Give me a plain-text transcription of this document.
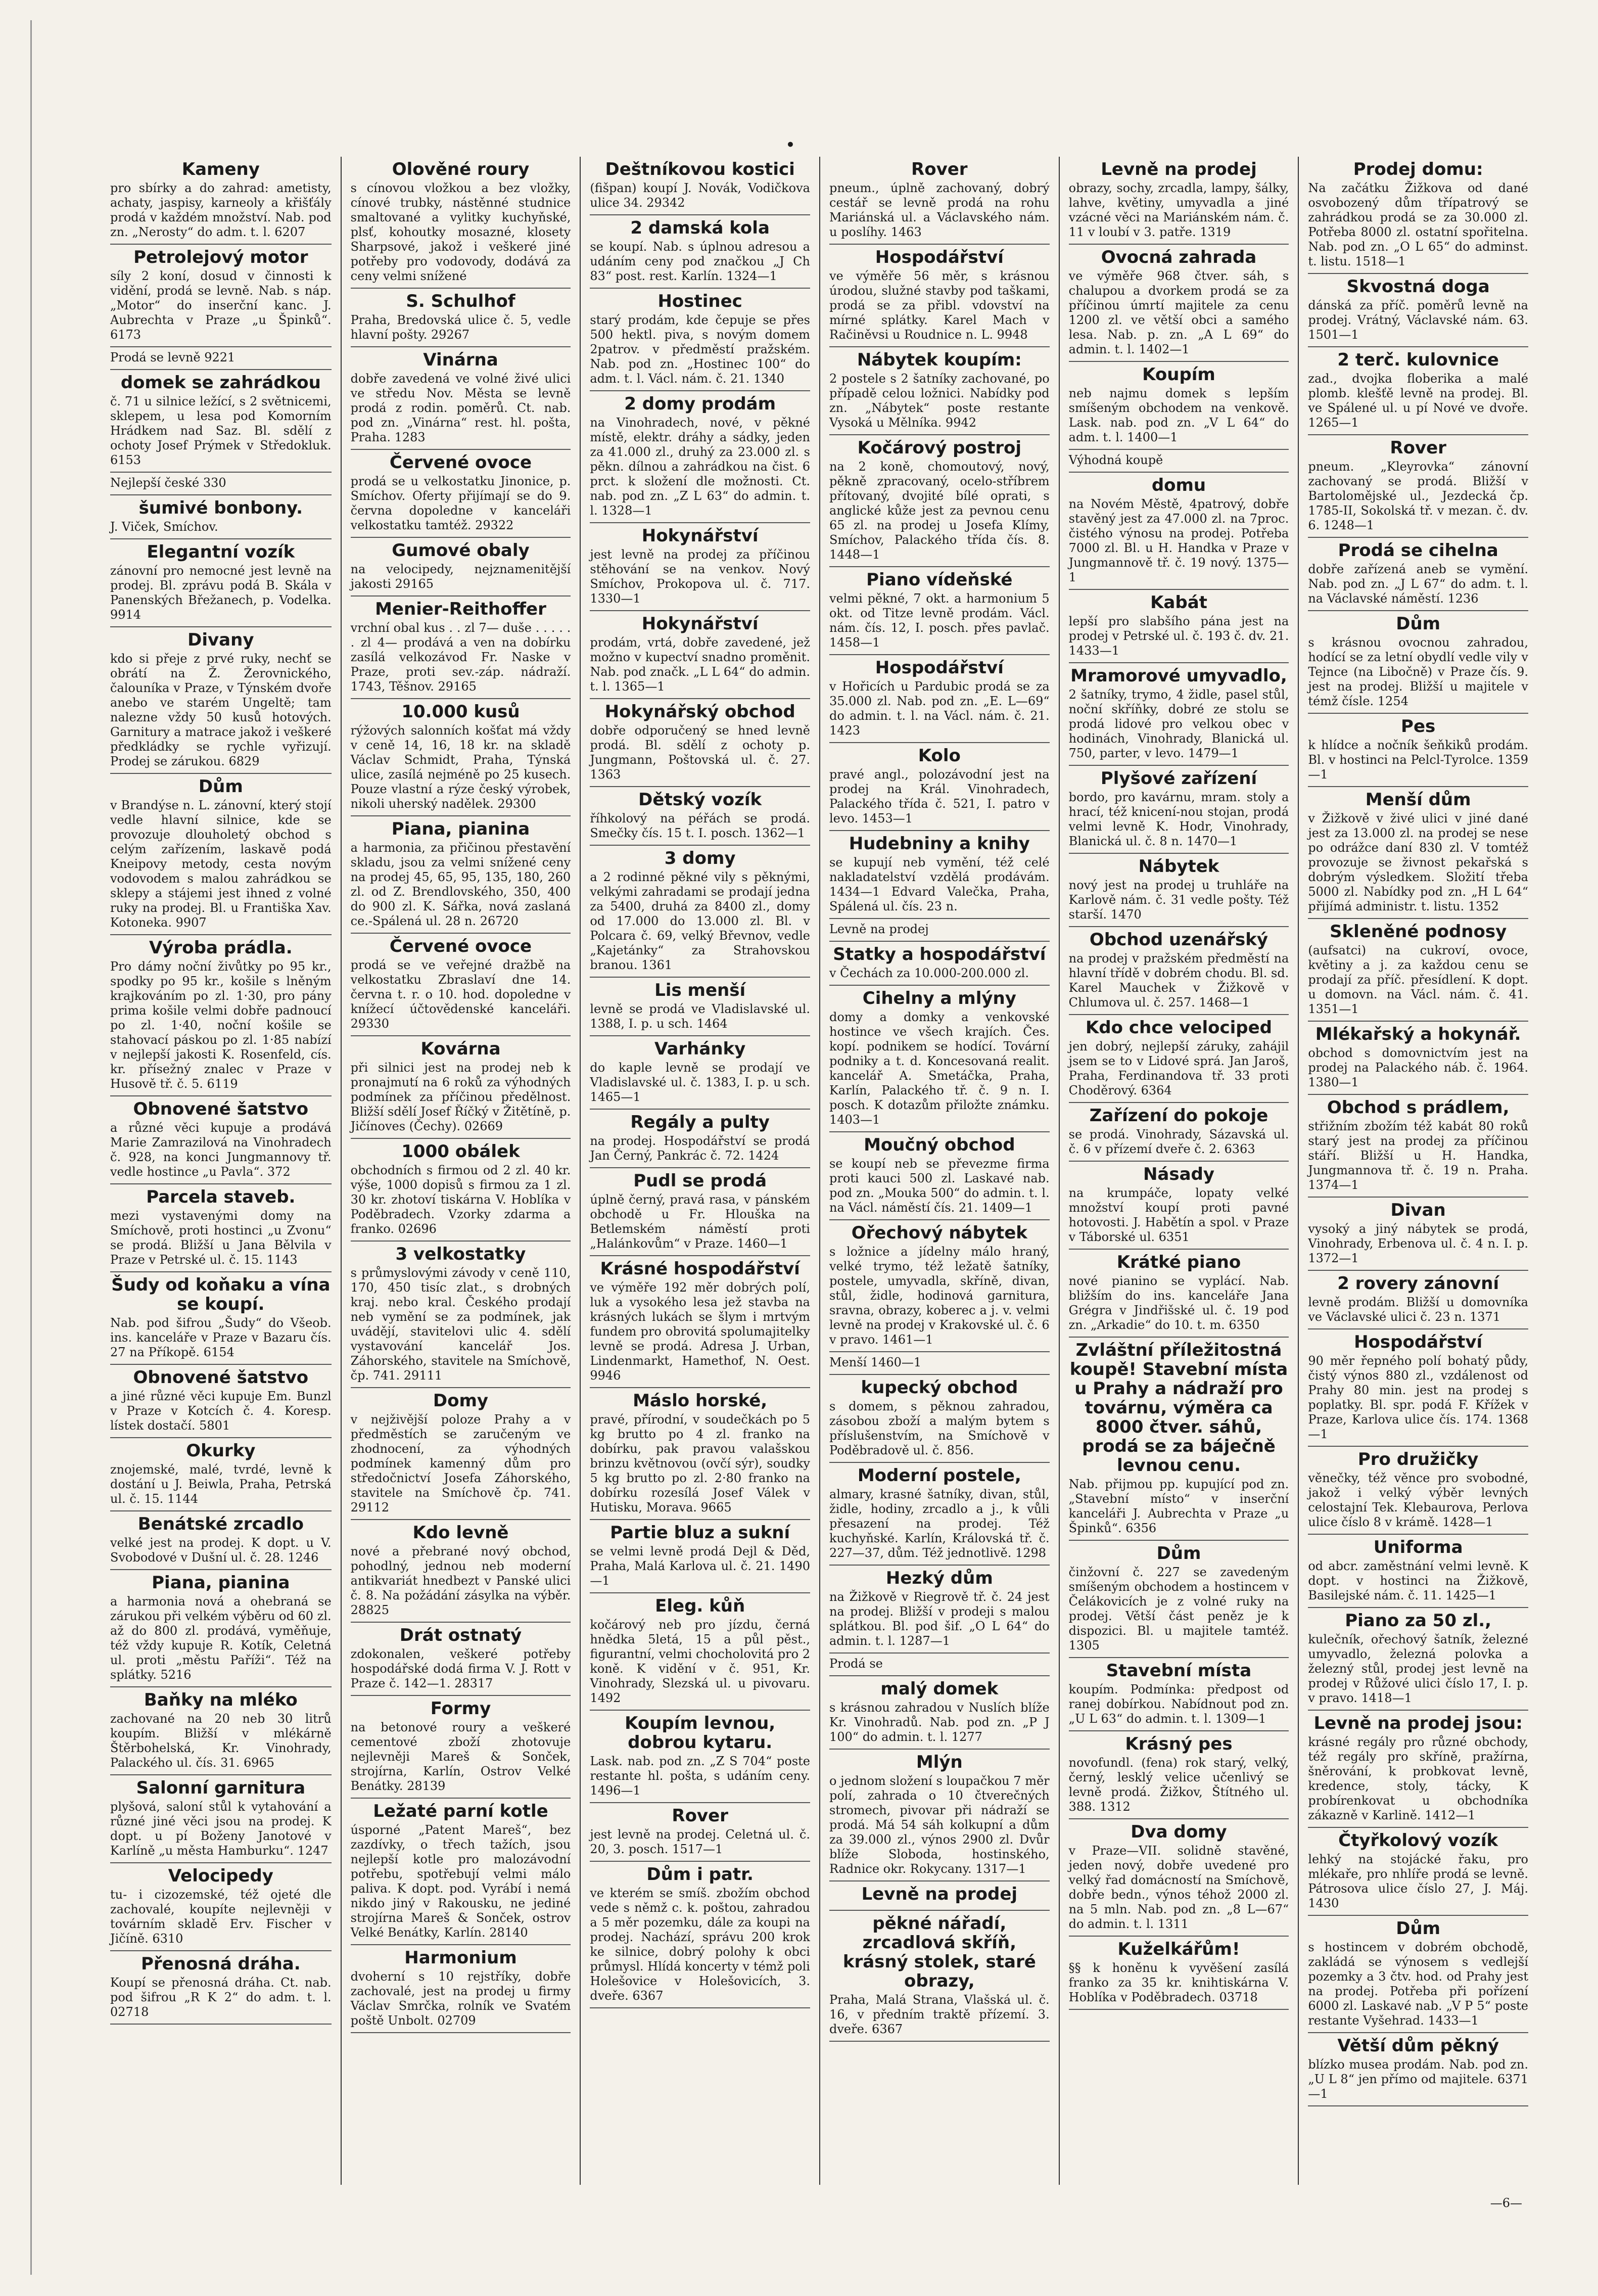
•
Kameny

pro sbírky a do zahrad: ametisty, achaty, jaspisy, karneoly a křišťály prodá v každém množství. Nab. pod zn. „Nerosty“ do adm. t. l. 6207

Petrolejový motor

síly 2 koní, dosud v činnosti k vidění, prodá se levně. Nab. s náp. „Motor“ do inserční kanc. J. Aubrechta v Praze „u Špinků“. 6173

Prodá se levně 9221

domek se zahrádkou

č. 71 u silnice ležící, s 2 světnicemi, sklepem, u lesa pod Komorním Hrádkem nad Saz. Bl. sdělí z ochoty Josef Prýmek v Středokluk. 6153

Nejlepší české 330

šumivé bonbony.

J. Viček, Smíchov.

Elegantní vozík

zánovní pro nemocné jest levně na prodej. Bl. zprávu podá B. Skála v Panenských Břežanech, p. Vodelka. 9914

Divany

kdo si přeje z prvé ruky, nechť se obrátí na Ž. Žerovnického, čalouníka v Praze, v Týnském dvoře anebo ve starém Ungeltě; tam nalezne vždy 50 kusů hotových. Garnitury a matrace jakož i veškeré předkládky se rychle vyřizují. Prodej se zárukou. 6829

Dům

v Brandýse n. L. zánovní, který stojí vedle hlavní silnice, kde se provozuje dlouholetý obchod s celým zařízením, laskavě podá Kneipovy metody, cesta novým vodovodem s malou zahrádkou se sklepy a stájemi jest ihned z volné ruky na prodej. Bl. u Františka Xav. Kotoneka. 9907

Výroba prádla.

Pro dámy noční živůtky po 95 kr., spodky po 95 kr., košile s lněným krajkováním po zl. 1·30, pro pány prima košile velmi dobře padnoucí po zl. 1·40, noční košile se stahovací páskou po zl. 1·85 nabízí v nejlepší jakosti K. Rosenfeld, cís. kr. přísežný znalec v Praze v Husově tř. č. 5. 6119

Obnovené šatstvo

a různé věci kupuje a prodává Marie Zamrazilová na Vinohradech č. 928, na konci Jungmannovy tř. vedle hostince „u Pavla“. 372

Parcela staveb.

mezi vystavenými domy na Smíchově, proti hostinci „u Zvonu“ se prodá. Bližší u Jana Bělvila v Praze v Petrské ul. č. 15. 1143

Šudy od koňaku a vína se koupí.

Nab. pod šifrou „Šudy“ do Všeob. ins. kanceláře v Praze v Bazaru čís. 27 na Příkopě. 6154

Obnovené šatstvo

a jiné různé věci kupuje Em. Bunzl v Praze v Kotcích č. 4. Koresp. lístek dostačí. 5801

Okurky

znojemské, malé, tvrdé, levně k dostání u J. Beiwla, Praha, Petrská ul. č. 15. 1144

Benátské zrcadlo

velké jest na prodej. K dopt. u V. Svobodové v Dušní ul. č. 28. 1246

Piana, pianina

a harmonia nová a ohebraná se zárukou při velkém výběru od 60 zl. až do 800 zl. prodává, vyměňuje, též vždy kupuje R. Kotík, Celetná ul. proti „městu Paříži“. Též na splátky. 5216

Baňky na mléko

zachované na 20 neb 30 litrů koupím. Bližší v mlékárně Štěrbohelská, Kr. Vinohrady, Palackého ul. čís. 31. 6965

Salonní garnitura

plyšová, saloní stůl k vytahování a různé jiné věci jsou na prodej. K dopt. u pí Boženy Janotové v Karlíně „u města Hamburku“. 1247

Velocipedy

tu- i cizozemské, též ojeté dle zachovalé, koupíte nejlevněji v továrním skladě Erv. Fischer v Jičíně. 6310

Přenosná dráha.

Koupí se přenosná dráha. Ct. nab. pod šifrou „R K 2“ do adm. t. l. 02718

Olověné roury

s cínovou vložkou a bez vložky, cínové trubky, nástěnné studnice smaltované a vylitky kuchyňské, plsť, kohoutky mosazné, klosety Sharpsové, jakož i veškeré jiné potřeby pro vodovody, dodává za ceny velmi snížené

S. Schulhof

Praha, Bredovská ulice č. 5, vedle hlavní pošty. 29267

Vinárna

dobře zavedená ve volné živé ulici ve středu Nov. Města se levně prodá z rodin. poměrů. Ct. nab. pod zn. „Vinárna“ rest. hl. pošta, Praha. 1283

Červené ovoce

prodá se u velkostatku Jinonice, p. Smíchov. Oferty přijímají se do 9. června dopoledne v kanceláři velkostatku tamtéž. 29322

Gumové obaly

na velocipedy, nejznamenitější jakosti 29165

Menier-Reithoffer

vrchní obal kus . . zl 7— duše . . . . . . zl 4— prodává a ven na dobírku zasílá velkozávod Fr. Naske v Praze, proti sev.-záp. nádraží. 1743, Těšnov. 29165

10.000 kusů

rýžových salonních košťat má vždy v ceně 14, 16, 18 kr. na skladě Václav Schmidt, Praha, Týnská ulice, zasílá nejméně po 25 kusech. Pouze vlastní a rýze český výrobek, nikoli uherský nadělek. 29300

Piana, pianina

a harmonia, za přičinou přestavění skladu, jsou za velmi snížené ceny na prodej 45, 65, 95, 135, 180, 260 zl. od Z. Brendlovského, 350, 400 do 900 zl. K. Sářka, nová zaslaná ce.-Spálená ul. 28 n. 26720

Červené ovoce

prodá se ve veřejné dražbě na velkostatku Zbraslaví dne 14. června t. r. o 10. hod. dopoledne v knížecí účtovědenské kanceláři. 29330

Kovárna

při silnici jest na prodej neb k pronajmutí na 6 roků za výhodných podmínek za příčinou předělnost. Bližší sdělí Josef Říčký v Žitětíně, p. Jičínoves (Čechy). 02669

1000 obálek

obchodních s firmou od 2 zl. 40 kr. výše, 1000 dopisů s firmou za 1 zl. 30 kr. zhotoví tiskárna V. Hoblíka v Poděbradech. Vzorky zdarma a franko. 02696

3 velkostatky

s průmyslovými závody v ceně 110, 170, 450 tisíc zlat., s drobných kraj. nebo kral. Českého prodají neb vymění se za podmínek, jak uvádějí, stavitelovi ulic 4. sdělí vystavování kancelář Jos. Záhorského, stavitele na Smíchově, čp. 741. 29111

Domy

v nejživější poloze Prahy a v předměstích se zaručeným ve zhodnocení, za výhodných podmínek kamenný dům pro středočnictví Josefa Záhorského, stavitele na Smíchově čp. 741. 29112

Kdo levně

nové a přebrané nový obchod, pohodlný, jednou neb moderní antikvariát hnedbezt v Panské ulici č. 8. Na požádání zásylka na výběr. 28825

Drát ostnatý

zdokonalen, veškeré potřeby hospodářské dodá firma V. J. Rott v Praze č. 142—1. 28317

Formy

na betonové roury a veškeré cementové zboží zhotovuje nejlevněji Mareš & Sonček, strojírna, Karlín, Ostrov Velké Benátky. 28139

Ležaté parní kotle

úsporné „Patent Mareš“, bez zazdívky, o třech tažích, jsou nejlepší kotle pro malozávodní potřebu, spotřebují velmi málo paliva. K dopt. pod. Vyrábí i nemá nikdo jiný v Rakousku, ne jediné strojírna Mareš & Sonček, ostrov Velké Benátky, Karlín. 28140

Harmonium

dvoherní s 10 rejstříky, dobře zachovalé, jest na prodej u firmy Václav Smrčka, rolník ve Svatém poště Unbolt. 02709

Deštníkovou kostici

(fišpan) koupí J. Novák, Vodičkova ulice 34. 29342

2 damská kola

se koupí. Nab. s úplnou adresou a udáním ceny pod značkou „J Ch 83“ post. rest. Karlín. 1324—1

Hostinec

starý prodám, kde čepuje se přes 500 hektl. piva, s novým domem 2patrov. v předměstí pražském. Nab. pod zn. „Hostinec 100“ do adm. t. l. Václ. nám. č. 21. 1340

2 domy prodám

na Vinohradech, nové, v pěkné místě, elektr. dráhy a sádky, jeden za 41.000 zl., druhý za 23.000 zl. s pěkn. dílnou a zahrádkou na čist. 6 prct. k složení dle možnosti. Ct. nab. pod zn. „Z L 63“ do admin. t. l. 1328—1

Hokynářství

jest levně na prodej za příčinou stěhování se na venkov. Nový Smíchov, Prokopova ul. č. 717. 1330—1

Hokynářství

prodám, vrtá, dobře zavedené, jež možno v kupectví snadno proměnit. Nab. pod značk. „L L 64“ do admin. t. l. 1365—1

Hokynářský obchod

dobře odporučený se hned levně prodá. Bl. sdělí z ochoty p. Jungmann, Poštovská ul. č. 27. 1363

Dětský vozík

říhkolový na péřách se prodá. Smečky čís. 15 t. I. posch. 1362—1

3 domy

a 2 rodinné pěkné vily s pěknými, velkými zahradami se prodají jedna za 5400, druhá za 8400 zl., domy od 17.000 do 13.000 zl. Bl. v Polcara č. 69, velký Břevnov, vedle „Kajetánky“ za Strahovskou branou. 1361

Lis menší

levně se prodá ve Vladislavské ul. 1388, I. p. u sch. 1464

Varhánky

do kaple levně se prodají ve Vladislavské ul. č. 1383, I. p. u sch. 1465—1

Regály a pulty

na prodej. Hospodářství se prodá Jan Černý, Pankrác č. 72. 1424

Pudl se prodá

úplně černý, pravá rasa, v pánském obchodě u Fr. Hlouška na Betlemském náměstí proti „Halánkovům“ v Praze. 1460—1

Krásné hospodářství

ve výměře 192 měr dobrých polí, luk a vysokého lesa jež stavba na krásných lukách se šlym i mrtvým fundem pro obrovitá spolumajitelky levně se prodá. Adresa J. Urban, Lindenmarkt, Hamethof, N. Oest. 9946

Máslo horské,

pravé, přírodní, v soudečkách po 5 kg brutto po 4 zl. franko na dobírku, pak pravou valašskou brinzu květnovou (ovčí sýr), soudky 5 kg brutto po zl. 2·80 franko na dobírku rozesílá Josef Válek v Hutisku, Morava. 9665

Partie bluz a sukní

se velmi levně prodá Dejl & Děd, Praha, Malá Karlova ul. č. 21. 1490—1

Eleg. kůň

kočárový neb pro jízdu, černá hnědka 5letá, 15 a půl pěst., figurantní, velmi chocholovitá pro 2 koně. K vidění v č. 951, Kr. Vinohrady, Slezská ul. u pivovaru. 1492

Koupím levnou, dobrou kytaru.

Lask. nab. pod zn. „Z S 704“ poste restante hl. pošta, s udáním ceny. 1496—1

Rover

jest levně na prodej. Celetná ul. č. 20, 3. posch. 1517—1

Dům i patr.

ve kterém se smíš. zbožím obchod vede s němž c. k. poštou, zahradou a 5 měr pozemku, dále za koupi na prodej. Nachází, správu 200 krok ke silnice, dobrý polohy k obci průmysl. Hlídá koncerty v témž poli Holešovice v Holešovicích, 3. dveře. 6367

Rover

pneum., úplně zachovaný, dobrý cestář se levně prodá na rohu Mariánská ul. a Václavského nám. u poslíhy. 1463

Hospodářství

ve výměře 56 měr, s krásnou úrodou, služné stavby pod taškami, prodá se za přibl. vdovství na mírné splátky. Karel Mach v Račiněvsi u Roudnice n. L. 9948

Nábytek koupím:

2 postele s 2 šatníky zachované, po případě celou ložnici. Nabídky pod zn. „Nábytek“ poste restante Vysoká u Mělníka. 9942

Kočárový postroj

na 2 koně, chomoutový, nový, pěkně zpracovaný, ocelo-stříbrem přítovaný, dvojité bílé oprati, s anglické kůže jest za pevnou cenu 65 zl. na prodej u Josefa Klímy, Smíchov, Palackého třída čís. 8. 1448—1

Piano vídeňské

velmi pěkné, 7 okt. a harmonium 5 okt. od Titze levně prodám. Václ. nám. čís. 12, I. posch. přes pavlač. 1458—1

Hospodářství

v Hořicích u Pardubic prodá se za 35.000 zl. Nab. pod zn. „E. L—69“ do admin. t. l. na Václ. nám. č. 21. 1423

Kolo

pravé angl., polozávodní jest na prodej na Král. Vinohradech, Palackého třída č. 521, I. patro v levo. 1453—1

Hudebniny a knihy

se kupují neb vymění, též celé nakladatelství vzdělá prodávám. 1434—1 Edvard Valečka, Praha, Spálená ul. čís. 23 n.

Levně na prodej

Statky a hospodářství

v Čechách za 10.000-200.000 zl.

Cihelny a mlýny

domy a domky a venkovské hostince ve všech krajích. Čes. kopí. podnikem se hodící. Tovární podniky a t. d. Koncesovaná realit. kancelář A. Smetáčka, Praha, Karlín, Palackého tř. č. 9 n. I. posch. K dotazům přiložte známku. 1403—1

Moučný obchod

se koupí neb se převezme firma proti kauci 500 zl. Laskavé nab. pod zn. „Mouka 500“ do admin. t. l. na Václ. náměstí čís. 21. 1409—1

Ořechový nábytek

s ložnice a jídelny málo hraný, velké trymo, též ležatě šatníky, postele, umyvadla, skříně, divan, stůl, židle, hodinová garnitura, sravna, obrazy, koberec a j. v. velmi levně na prodej v Krakovské ul. č. 6 v pravo. 1461—1

Menší 1460—1

kupecký obchod

s domem, s pěknou zahradou, zásobou zboží a malým bytem s příslušenstvím, na Smíchově v Poděbradově ul. č. 856.

Moderní postele,

almary, krasné šatníky, divan, stůl, židle, hodiny, zrcadlo a j., k vůli přesazení na prodej. Též kuchyňské. Karlín, Královská tř. č. 227—37, dům. Též jednotlivě. 1298

Hezký dům

na Žižkově v Riegrově tř. č. 24 jest na prodej. Bližší v prodeji s malou splátkou. Bl. pod šif. „O L 64“ do admin. t. l. 1287—1

Prodá se

malý domek

s krásnou zahradou v Nuslích blíže Kr. Vinohradů. Nab. pod zn. „P J 100“ do admin. t. l. 1277

Mlýn

o jednom složení s loupačkou 7 měr polí, zahrada o 10 čtverečných stromech, pivovar při nádraží se prodá. Má 54 sáh kolkupní a dům za 39.000 zl., výnos 2900 zl. Dvůr blíže Sloboda, hostinského, Radnice okr. Rokycany. 1317—1

Levně na prodej
pěkné nářadí, zrcadlová skříň, krásný stolek, staré obrazy,

Praha, Malá Strana, Vlašská ul. č. 16, v předním traktě přízemí. 3. dveře. 6367

Levně na prodej

obrazy, sochy, zrcadla, lampy, šálky, lahve, květiny, umyvadla a jiné vzácné věci na Mariánském nám. č. 11 v loubí v 3. patře. 1319

Ovocná zahrada

ve výměře 968 čtver. sáh, s chalupou a dvorkem prodá se za příčinou úmrtí majitele za cenu 1200 zl. ve větší obci a samého lesa. Nab. p. zn. „A L 69“ do admin. t. l. 1402—1

Koupím

neb najmu domek s lepším smíšeným obchodem na venkově. Lask. nab. pod zn. „V L 64“ do adm. t. l. 1400—1

Výhodná koupě

domu

na Novém Městě, 4patrový, dobře stavěný jest za 47.000 zl. na 7proc. čistého výnosu na prodej. Potřeba 7000 zl. Bl. u H. Handka v Praze v Jungmannově tř. č. 19 nový. 1375—1

Kabát

lepší pro slabšího pána jest na prodej v Petrské ul. č. 193 č. dv. 21. 1433—1

Mramorové umyvadlo,

2 šatníky, trymo, 4 židle, pasel stůl, noční skříňky, dobré ze stolu se prodá lidové pro velkou obec v hodinách, Vinohrady, Blanická ul. 750, parter, v levo. 1479—1

Plyšové zařízení

bordo, pro kavárnu, mram. stoly a hrací, též knicení-nou stojan, prodá velmi levně K. Hodr, Vinohrady, Blanická ul. č. 8 n. 1470—1

Nábytek

nový jest na prodej u truhláře na Karlově nám. č. 31 vedle pošty. Též starší. 1470

Obchod uzenářský

na prodej v pražském předměstí na hlavní třídě v dobrém chodu. Bl. sd. Karel Mauchek v Žižkově v Chlumova ul. č. 257. 1468—1

Kdo chce velociped

jen dobrý, nejlepší záruky, zahájil jsem se to v Lidové sprá. Jan Jaroš, Praha, Ferdinandova tř. 33 proti Choděrový. 6364

Zařízení do pokoje

se prodá. Vinohrady, Sázavská ul. č. 6 v přízemí dveře č. 2. 6363

Násady

na krumpáče, lopaty velké množství koupí proti pavné hotovosti. J. Habětín a spol. v Praze v Táborské ul. 6351

Krátké piano

nové pianino se vyplácí. Nab. bližším do ins. kanceláře Jana Grégra v Jindřišské ul. č. 19 pod zn. „Arkadie“ do 10. t. m. 6350

Zvláštní příležitostná koupě! Stavební místa u Prahy a nádraží pro továrnu, výměra ca 8000 čtver. sáhů, prodá se za báječně levnou cenu.

Nab. přijmou pp. kupující pod zn. „Stavební místo“ v inserční kanceláři J. Aubrechta v Praze „u Špinků“. 6356

Dům

činžovní č. 227 se zavedeným smíšeným obchodem a hostincem v Čelákovicích je z volné ruky na prodej. Větší část peněz je k dispozici. Bl. u majitele tamtéž. 1305

Stavební místa

koupím. Podmínka: předpost od ranej dobírkou. Nabídnout pod zn. „U L 63“ do admin. t. l. 1309—1

Krásný pes

novofundl. (fena) rok starý, velký, černý, lesklý velice učenlivý se levně prodá. Žižkov, Štítného ul. 388. 1312

Dva domy

v Praze—VII. solidně stavěné, jeden nový, dobře uvedené pro velký řad domácností na Smíchově, dobře bedn., výnos téhož 2000 zl. na 5 mln. Nab. pod zn. „8 L—67“ do admin. t. l. 1311

Kuželkářům!

§§ k honěnu k vyvěšení zasílá franko za 35 kr. knihtiskárna V. Hoblíka v Poděbradech. 03718

Prodej domu:

Na začátku Žižkova od dané osvobozený dům třípatrový se zahrádkou prodá se za 30.000 zl. Potřeba 8000 zl. ostatní spořitelna. Nab. pod zn. „O L 65“ do adminst. t. listu. 1518—1

Skvostná doga

dánská za příč. poměrů levně na prodej. Vrátný, Václavské nám. 63. 1501—1

2 terč. kulovnice

zad., dvojka floberika a malé plomb. klešťě levně na prodej. Bl. ve Spálené ul. u pí Nové ve dvoře. 1265—1

Rover

pneum. „Kleyrovka“ zánovní zachovaný se prodá. Bližší v Bartolomějské ul., Jezdecká čp. 1785-II, Sokolská tř. v mezan. č. dv. 6. 1248—1

Prodá se cihelna

dobře zařízená aneb se vymění. Nab. pod zn. „J L 67“ do adm. t. l. na Václavské náměstí. 1236

Dům

s krásnou ovocnou zahradou, hodící se za letní obydlí vedle vily v Tejnce (na Libočně) v Praze čís. 9. jest na prodej. Bližší u majitele v témž čísle. 1254

Pes

k hlídce a nočník šeňkiků prodám. Bl. v hostinci na Pelcl-Tyrolce. 1359—1

Menší dům

v Žižkově v živé ulici v jiné dané jest za 13.000 zl. na prodej se nese po odrážce daní 830 zl. V tomtéž provozuje se živnost pekařská s dobrým výsledkem. Složití třeba 5000 zl. Nabídky pod zn. „H L 64“ přijímá administr. t. listu. 1352

Skleněné podnosy

(aufsatci) na cukroví, ovoce, květiny a j. za každou cenu se prodají za příč. přesídlení. K dopt. u domovn. na Václ. nám. č. 41. 1351—1

Mlékařský a hokynář.

obchod s domovnictvím jest na prodej na Palackého náb. č. 1964. 1380—1

Obchod s prádlem,

střižním zbožím též kabát 80 roků starý jest na prodej za příčinou stáří. Bližší u H. Handka, Jungmannova tř. č. 19 n. Praha. 1374—1

Divan

vysoký a jiný nábytek se prodá, Vinohrady, Erbenova ul. č. 4 n. I. p. 1372—1

2 rovery zánovní

levně prodám. Bližší u domovníka ve Václavské ulici č. 23 n. 1371

Hospodářství

90 měr řepného polí bohatý půdy, čistý výnos 880 zl., vzdálenost od Prahy 80 min. jest na prodej s poplatky. Bl. spr. podá F. Křížek v Praze, Karlova ulice čís. 174. 1368—1

Pro družičky

věnečky, též věnce pro svobodné, jakož i velký výběr levných celostajní Tek. Klebaurova, Perlova ulice číslo 8 v krámě. 1428—1

Uniforma

od abcr. zaměstnání velmi levně. K dopt. v hostinci na Žižkově, Basilejské nám. č. 11. 1425—1

Piano za 50 zl.,

kulečník, ořechový šatník, železné umyvadlo, železná polovka a železný stůl, prodej jest levně na prodej v Růžové ulici číslo 17, I. p. v pravo. 1418—1

Levně na prodej jsou:

krásné regály pro různé obchody, též regály pro skříně, pražírna, šněrování, k probkovat levně, kredence, stoly, tácky, K probírenkovat u obchodníka zákazně v Karlině. 1412—1

Čtyřkolový vozík

lehký na stojácké řaku, pro mlékaře, pro nhlíře prodá se levně. Pátrosova ulice číslo 27, J. Máj. 1430

Dům

s hostincem v dobrém obchodě, zakládá se výnosem s vedlejší pozemky a 3 čtv. hod. od Prahy jest na prodej. Potřeba při pořízení 6000 zl. Laskavé nab. „V P 5“ poste restante Vyšehrad. 1433—1

Větší dům pěkný

blízko musea prodám. Nab. pod zn. „U L 8“ jen přímo od majitele. 6371—1

—6—
